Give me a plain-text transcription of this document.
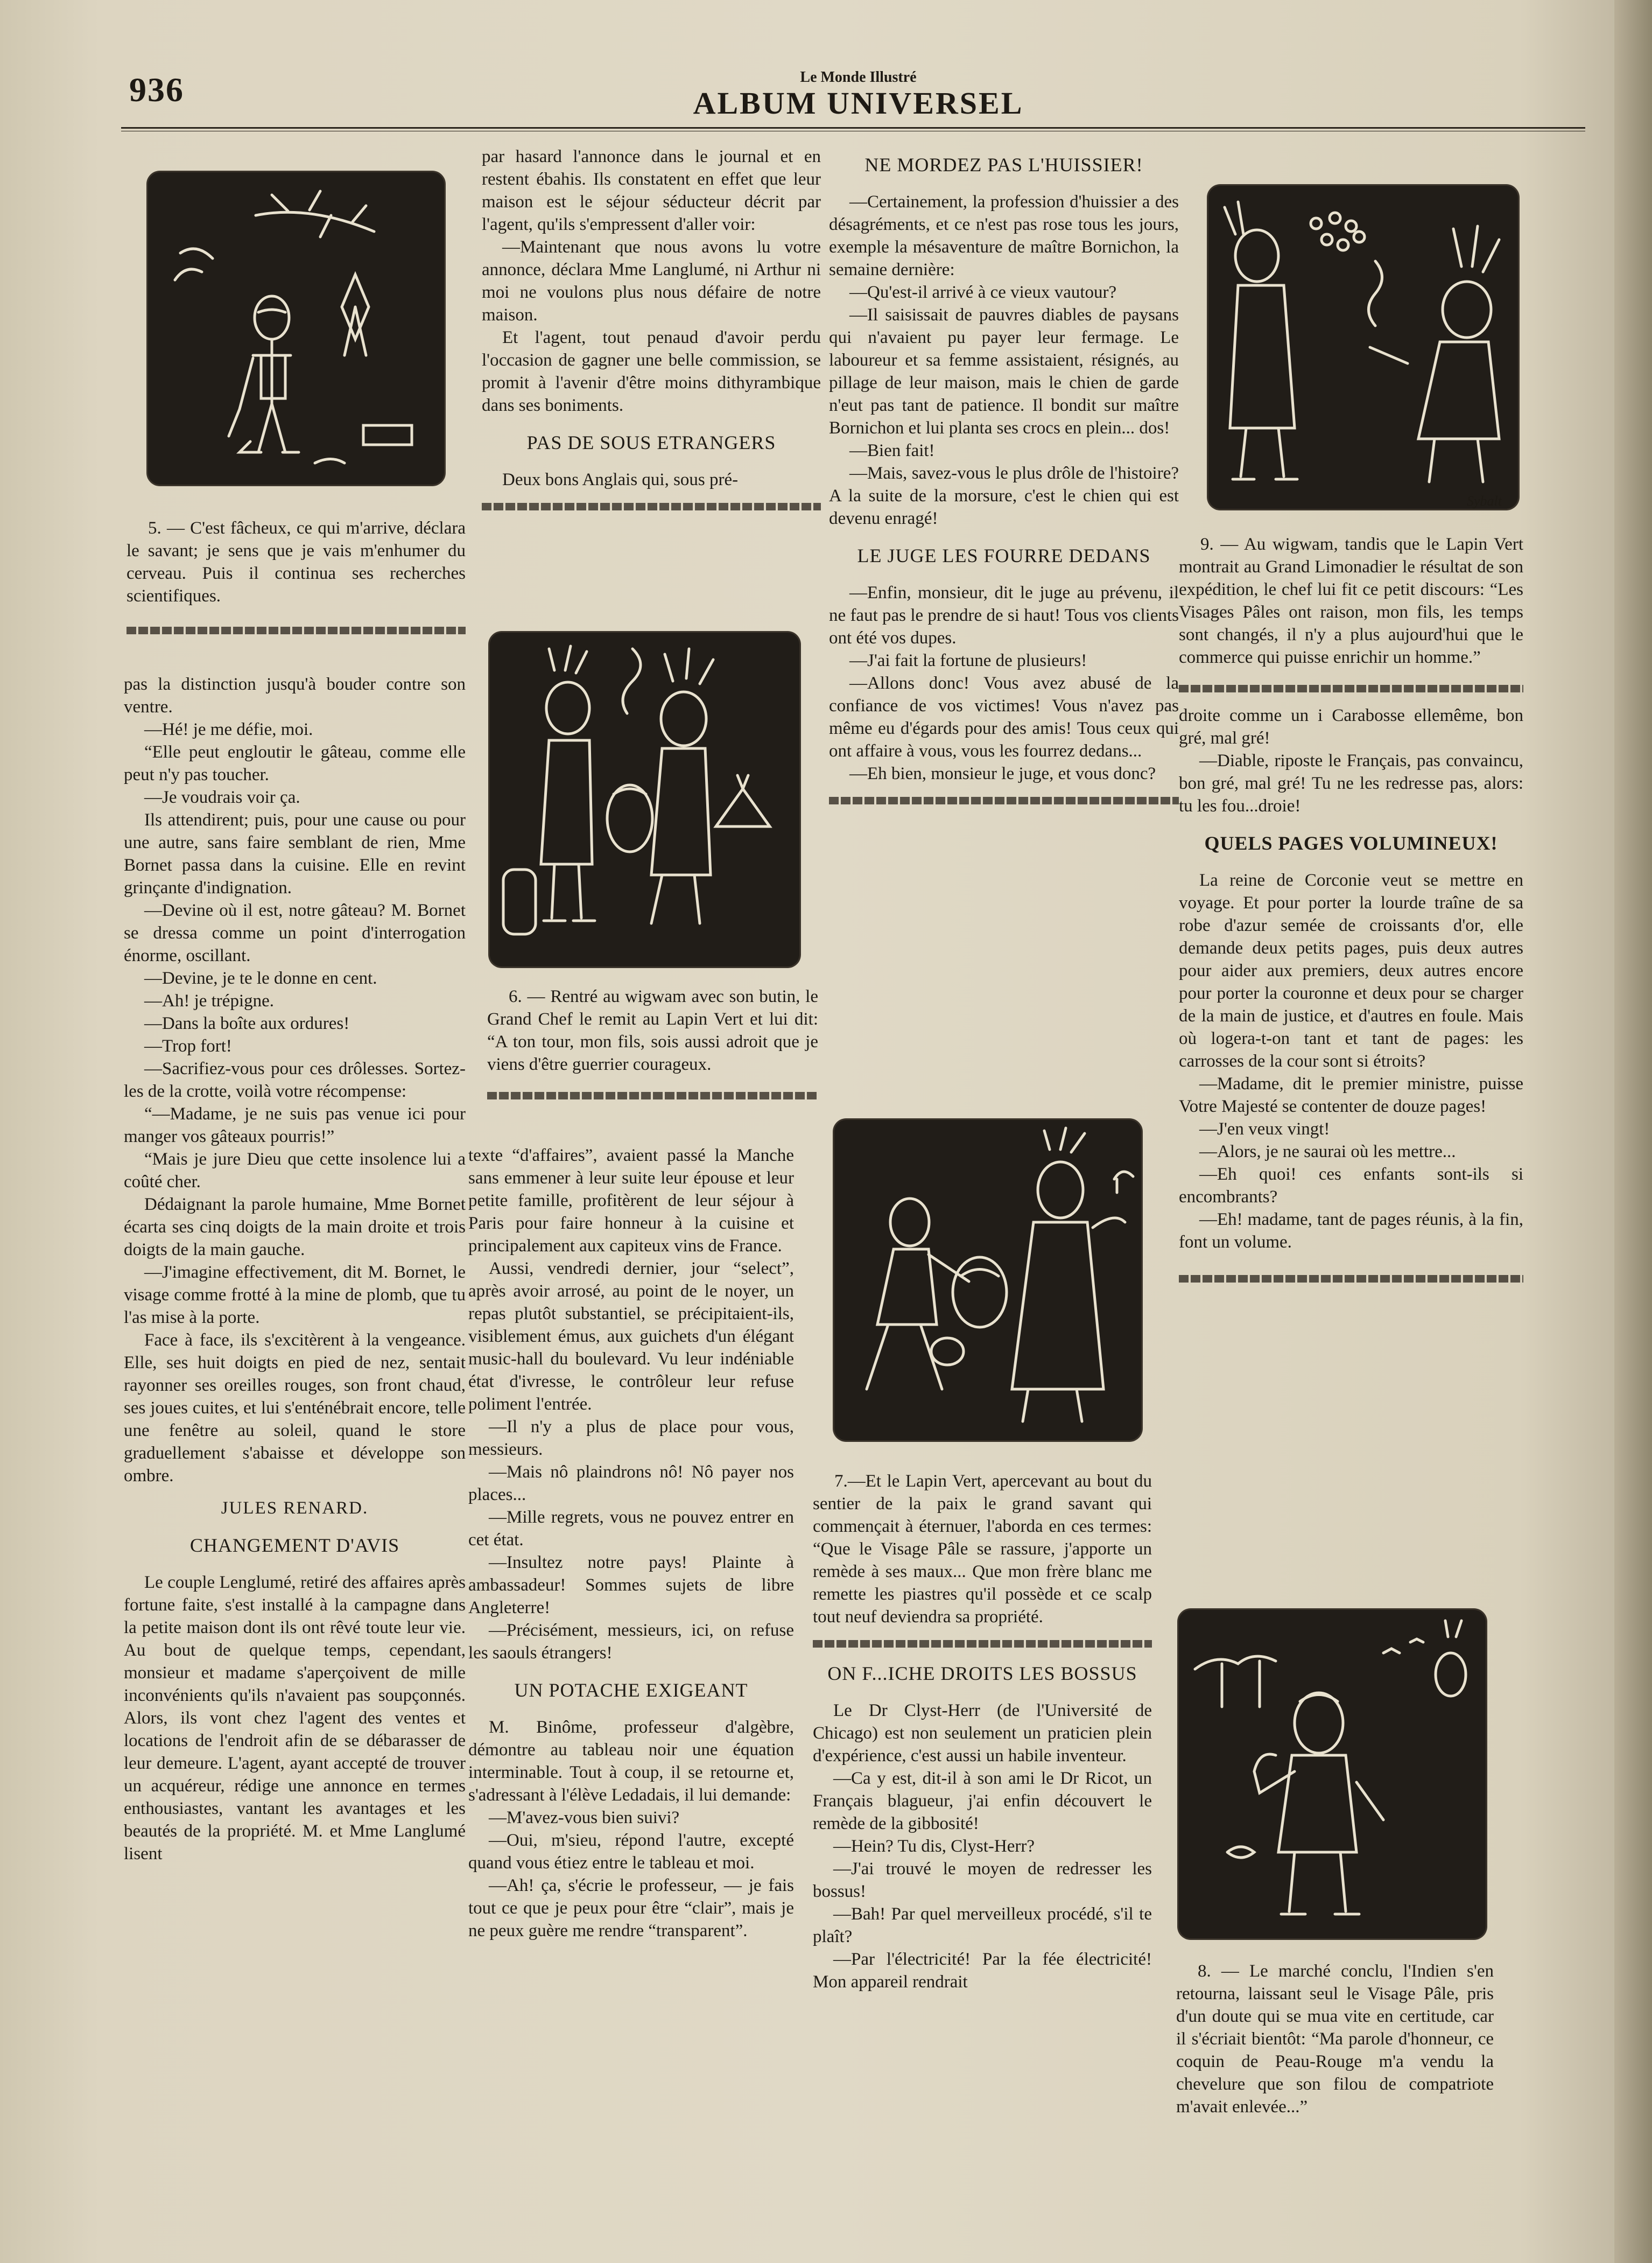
936	Le Monde Illustré
ALBUM UNIVERSEL

5. — C'est fâcheux, ce qui m'arrive, déclara le savant; je sens que je vais m'enhumer du cerveau. Puis il continua ses recherches scientifiques.

pas la distinction jusqu'à bouder contre son ventre.

—Hé! je me défie, moi.

“Elle peut engloutir le gâteau, comme elle peut n'y pas toucher.

—Je voudrais voir ça.

Ils attendirent; puis, pour une cause ou pour une autre, sans faire semblant de rien, Mme Bornet passa dans la cuisine. Elle en revint grinçante d'indignation.

—Devine où il est, notre gâteau? M. Bornet se dressa comme un point d'interrogation énorme, oscillant.

—Devine, je te le donne en cent.

—Ah! je trépigne.

—Dans la boîte aux ordures!

—Trop fort!

—Sacrifiez-vous pour ces drôlesses. Sortez-les de la crotte, voilà votre récompense:

“—Madame, je ne suis pas venue ici pour manger vos gâteaux pourris!”

“Mais je jure Dieu que cette insolence lui a coûté cher.

Dédaignant la parole humaine, Mme Bornet écarta ses cinq doigts de la main droite et trois doigts de la main gauche.

—J'imagine effectivement, dit M. Bornet, le visage comme frotté à la mine de plomb, que tu l'as mise à la porte.

Face à face, ils s'excitèrent à la vengeance. Elle, ses huit doigts en pied de nez, sentait rayonner ses oreilles rouges, son front chaud, ses joues cuites, et lui s'enténébrait encore, telle une fenêtre au soleil, quand le store graduellement s'abaisse et développe son ombre.

JULES RENARD.

CHANGEMENT D'AVIS

Le couple Lenglumé, retiré des affaires après fortune faite, s'est installé à la campagne dans la petite maison dont ils ont rêvé toute leur vie. Au bout de quelque temps, cependant, monsieur et madame s'aperçoivent de mille inconvénients qu'ils n'avaient pas soupçonnés. Alors, ils vont chez l'agent des ventes et locations de l'endroit afin de se débarasser de leur demeure. L'agent, ayant accepté de trouver un acquéreur, rédige une annonce en termes enthousiastes, vantant les avantages et les beautés de la propriété. M. et Mme Langlumé lisent

par hasard l'annonce dans le journal et en restent ébahis. Ils constatent en effet que leur maison est le séjour séducteur décrit par l'agent, qu'ils s'empressent d'aller voir:

—Maintenant que nous avons lu votre annonce, déclara Mme Langlumé, ni Arthur ni moi ne voulons plus nous défaire de notre maison.

Et l'agent, tout penaud d'avoir perdu l'occasion de gagner une belle commission, se promit à l'avenir d'être moins dithyrambique dans ses boniments.

PAS DE SOUS ETRANGERS

Deux bons Anglais qui, sous pré-

6. — Rentré au wigwam avec son butin, le Grand Chef le remit au Lapin Vert et lui dit: “A ton tour, mon fils, sois aussi adroit que je viens d'être guerrier courageux.

texte “d'affaires”, avaient passé la Manche sans emmener à leur suite leur épouse et leur petite famille, profitèrent de leur séjour à Paris pour faire honneur à la cuisine et principalement aux capiteux vins de France.

Aussi, vendredi dernier, jour “select”, après avoir arrosé, au point de le noyer, un repas plutôt substantiel, se précipitaient-ils, visiblement émus, aux guichets d'un élégant music-hall du boulevard. Vu leur indéniable état d'ivresse, le contrôleur leur refuse poliment l'entrée.

—Il n'y a plus de place pour vous, messieurs.

—Mais nô plaindrons nô! Nô payer nos places...

—Mille regrets, vous ne pouvez entrer en cet état.

—Insultez notre pays! Plainte à ambassadeur! Sommes sujets de libre Angleterre!

—Précisément, messieurs, ici, on refuse les saouls étrangers!

UN POTACHE EXIGEANT

M. Binôme, professeur d'algèbre, démontre au tableau noir une équation interminable. Tout à coup, il se retourne et, s'adressant à l'élève Ledadais, il lui demande:

—M'avez-vous bien suivi?

—Oui, m'sieu, répond l'autre, excepté quand vous étiez entre le tableau et moi.

—Ah! ça, s'écrie le professeur, — je fais tout ce que je peux pour être “clair”, mais je ne peux guère me rendre “transparent”.

NE MORDEZ PAS L'HUISSIER!

—Certainement, la profession d'huissier a des désagréments, et ce n'est pas rose tous les jours, exemple la mésaventure de maître Bornichon, la semaine dernière:

—Qu'est-il arrivé à ce vieux vautour?

—Il saisissait de pauvres diables de paysans qui n'avaient pu payer leur fermage. Le laboureur et sa femme assistaient, résignés, au pillage de leur maison, mais le chien de garde n'eut pas tant de patience. Il bondit sur maître Bornichon et lui planta ses crocs en plein... dos!

—Bien fait!

—Mais, savez-vous le plus drôle de l'histoire? A la suite de la morsure, c'est le chien qui est devenu enragé!

LE JUGE LES FOURRE DEDANS

—Enfin, monsieur, dit le juge au prévenu, il ne faut pas le prendre de si haut! Tous vos clients ont été vos dupes.

—J'ai fait la fortune de plusieurs!

—Allons donc! Vous avez abusé de la confiance de vos victimes! Vous n'avez pas même eu d'égards pour des amis! Tous ceux qui ont affaire à vous, vous les fourrez dedans...

—Eh bien, monsieur le juge, et vous donc?

7.—Et le Lapin Vert, apercevant au bout du sentier de la paix le grand savant qui commençait à éternuer, l'aborda en ces termes: “Que le Visage Pâle se rassure, j'apporte un remède à ses maux... Que mon frère blanc me remette les piastres qu'il possède et ce scalp tout neuf deviendra sa propriété.

ON F...ICHE DROITS LES BOSSUS

Le Dr Clyst-Herr (de l'Université de Chicago) est non seulement un praticien plein d'expérience, c'est aussi un habile inventeur.

—Ca y est, dit-il à son ami le Dr Ricot, un Français blagueur, j'ai enfin découvert le remède de la gibbosité!

—Hein? Tu dis, Clyst-Herr?

—J'ai trouvé le moyen de redresser les bossus!

—Bah! Par quel merveilleux procédé, s'il te plaît?

—Par l'électricité! Par la fée électricité! Mon appareil rendrait

Sybalt

9. — Au wigwam, tandis que le Lapin Vert montrait au Grand Limonadier le résultat de son expédition, le chef lui fit ce petit discours: “Les Visages Pâles ont raison, mon fils, les temps sont changés, il n'y a plus aujourd'hui que le commerce qui puisse enrichir un homme.”

droite comme un i Carabosse ellemême, bon gré, mal gré!

—Diable, riposte le Français, pas convaincu, bon gré, mal gré! Tu ne les redresse pas, alors: tu les fou...droie!

QUELS PAGES VOLUMINEUX!

La reine de Corconie veut se mettre en voyage. Et pour porter la lourde traîne de sa robe d'azur semée de croissants d'or, elle demande deux petits pages, puis deux autres pour aider aux premiers, deux autres encore pour porter la couronne et deux pour se charger de la main de justice, et d'autres en foule. Mais où logera-t-on tant et tant de pages: les carrosses de la cour sont si étroits?

—Madame, dit le premier ministre, puisse Votre Majesté se contenter de douze pages!

—J'en veux vingt!

—Alors, je ne saurai où les mettre...

—Eh quoi! ces enfants sont-ils si encombrants?

—Eh! madame, tant de pages réunis, à la fin, font un volume.

8. — Le marché conclu, l'Indien s'en retourna, laissant seul le Visage Pâle, pris d'un doute qui se mua vite en certitude, car il s'écriait bientôt: “Ma parole d'honneur, ce coquin de Peau-Rouge m'a vendu la chevelure que son filou de compatriote m'avait enlevée...”
